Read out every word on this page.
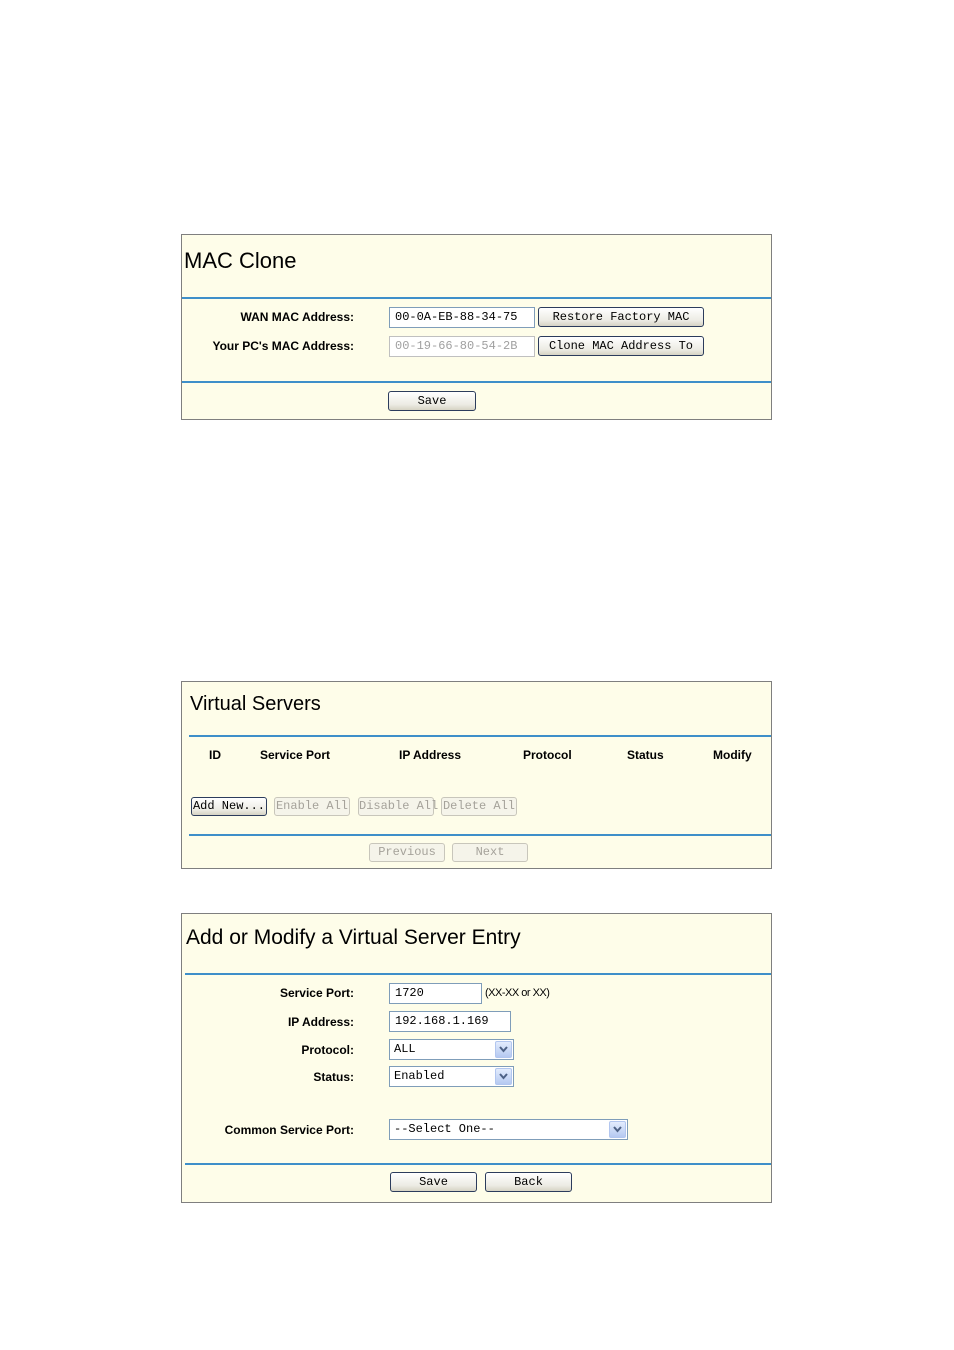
MAC Clone
WAN MAC Address:	00-0A-EB-88-34-75	Restore Factory MAC
Your PC's MAC Address:	00-19-66-80-54-2B	Clone MAC Address To
Save
Virtual Servers
ID	Service Port	IP Address	Protocol	Status	Modify
Add New... Enable All Disable All Delete All
Previous	Next
Add or Modify a Virtual Server Entry
Service Port:	1720	(XX-XX or XX)
IP Address:	192.168.1.169
Protocol:	ALL
Status:	Enabled
Common Service Port:	--Select One--
Save	Back
